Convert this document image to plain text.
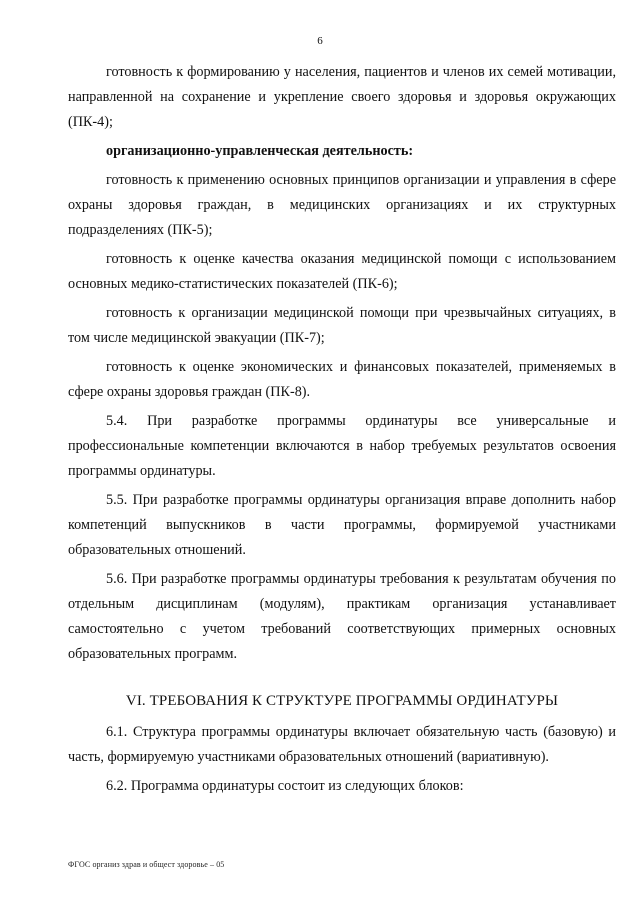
6

готовность к формированию у населения, пациентов и членов их семей мотивации, направленной на сохранение и укрепление своего здоровья и здоровья окружающих (ПК-4);

организационно-управленческая деятельность:

готовность к применению основных принципов организации и управления в сфере охраны здоровья граждан, в медицинских организациях и их структурных подразделениях (ПК-5);

готовность к оценке качества оказания медицинской помощи с использованием основных медико-статистических показателей (ПК-6);

готовность к организации медицинской помощи при чрезвычайных ситуациях, в том числе медицинской эвакуации (ПК-7);

готовность к оценке экономических и финансовых показателей, применяемых в сфере охраны здоровья граждан (ПК-8).

5.4. При разработке программы ординатуры все универсальные и профессиональные компетенции включаются в набор требуемых результатов освоения программы ординатуры.

5.5. При разработке программы ординатуры организация вправе дополнить набор компетенций выпускников в части программы, формируемой участниками образовательных отношений.

5.6. При разработке программы ординатуры требования к результатам обучения по отдельным дисциплинам (модулям), практикам организация устанавливает самостоятельно с учетом требований соответствующих примерных основных образовательных программ.

VI. ТРЕБОВАНИЯ К СТРУКТУРЕ ПРОГРАММЫ ОРДИНАТУРЫ

6.1. Структура программы ординатуры включает обязательную часть (базовую) и часть, формируемую участниками образовательных отношений (вариативную).

6.2. Программа ординатуры состоит из следующих блоков:

ФГОС организ здрав и общест здоровье – 05
